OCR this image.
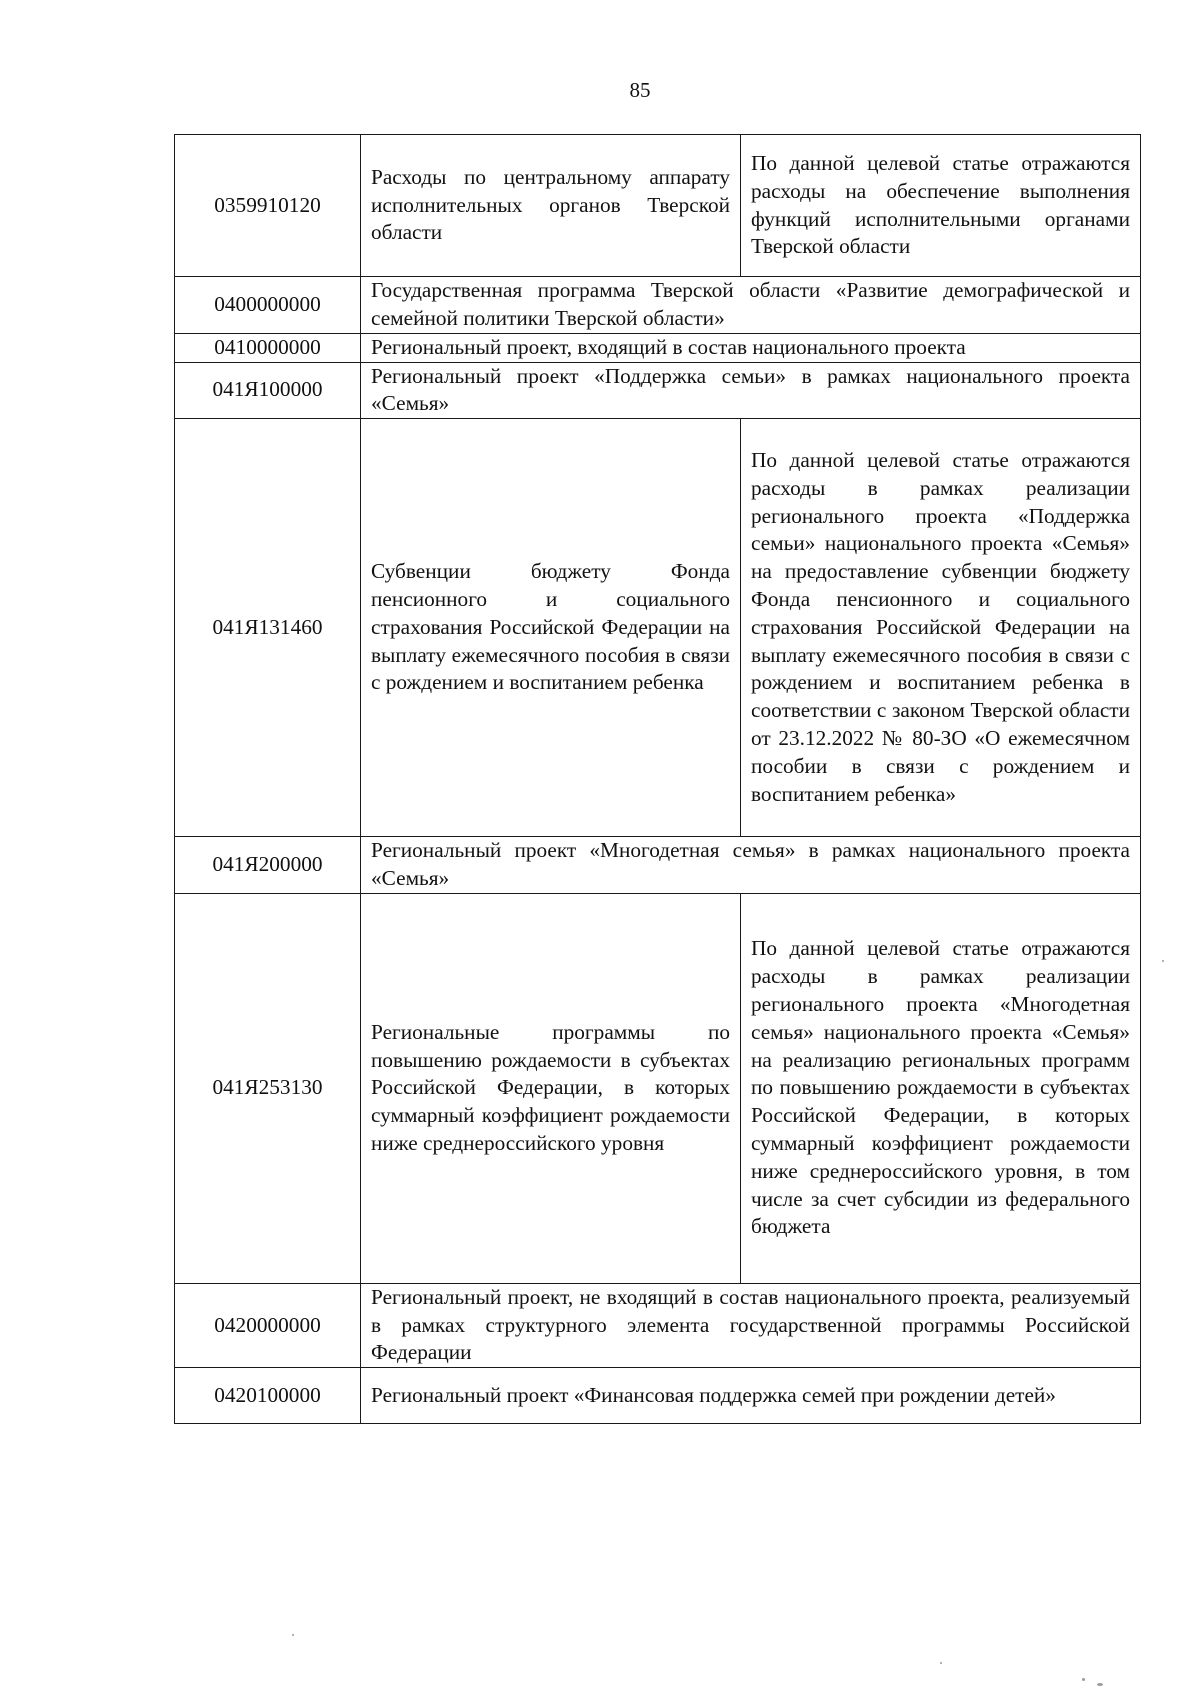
85
0359910120	Расходы по центральному аппарату исполнительных органов Тверской области	По данной целевой статье отражаются расходы на обеспечение выполнения функций исполнительными органами Тверской области
0400000000	Государственная программа Тверской области «Развитие демографической и семейной политики Тверской области»	
0410000000	Региональный проект, входящий в состав национального проекта	
041Я100000	Региональный проект «Поддержка семьи» в рамках национального проекта «Семья»	
041Я131460	Субвенции бюджету Фонда пенсионного и социального страхования Российской Федерации на выплату ежемесячного пособия в связи с рождением и воспитанием ребенка	По данной целевой статье отражаются расходы в рамках реализации регионального проекта «Поддержка семьи» национального проекта «Семья» на предоставление субвенции бюджету Фонда пенсионного и социального страхования Российской Федерации на выплату ежемесячного пособия в связи с рождением и воспитанием ребенка в соответствии с законом Тверской области от 23.12.2022 № 80-ЗО «О ежемесячном пособии в связи с рождением и воспитанием ребенка»
041Я200000	Региональный проект «Многодетная семья» в рамках национального проекта «Семья»	
041Я253130	Региональные программы по повышению рождаемости в субъектах Российской Федерации, в которых суммарный коэффициент рождаемости ниже среднероссийского уровня	По данной целевой статье отражаются расходы в рамках реализации регионального проекта «Многодетная семья» национального проекта «Семья» на реализацию региональных программ по повышению рождаемости в субъектах Российской Федерации, в которых суммарный коэффициент рождаемости ниже среднероссийского уровня, в том числе за счет субсидии из федерального бюджета
0420000000	Региональный проект, не входящий в состав национального проекта, реализуемый в рамках структурного элемента государственной программы Российской Федерации	
0420100000	Региональный проект «Финансовая поддержка семей при рождении детей»	
